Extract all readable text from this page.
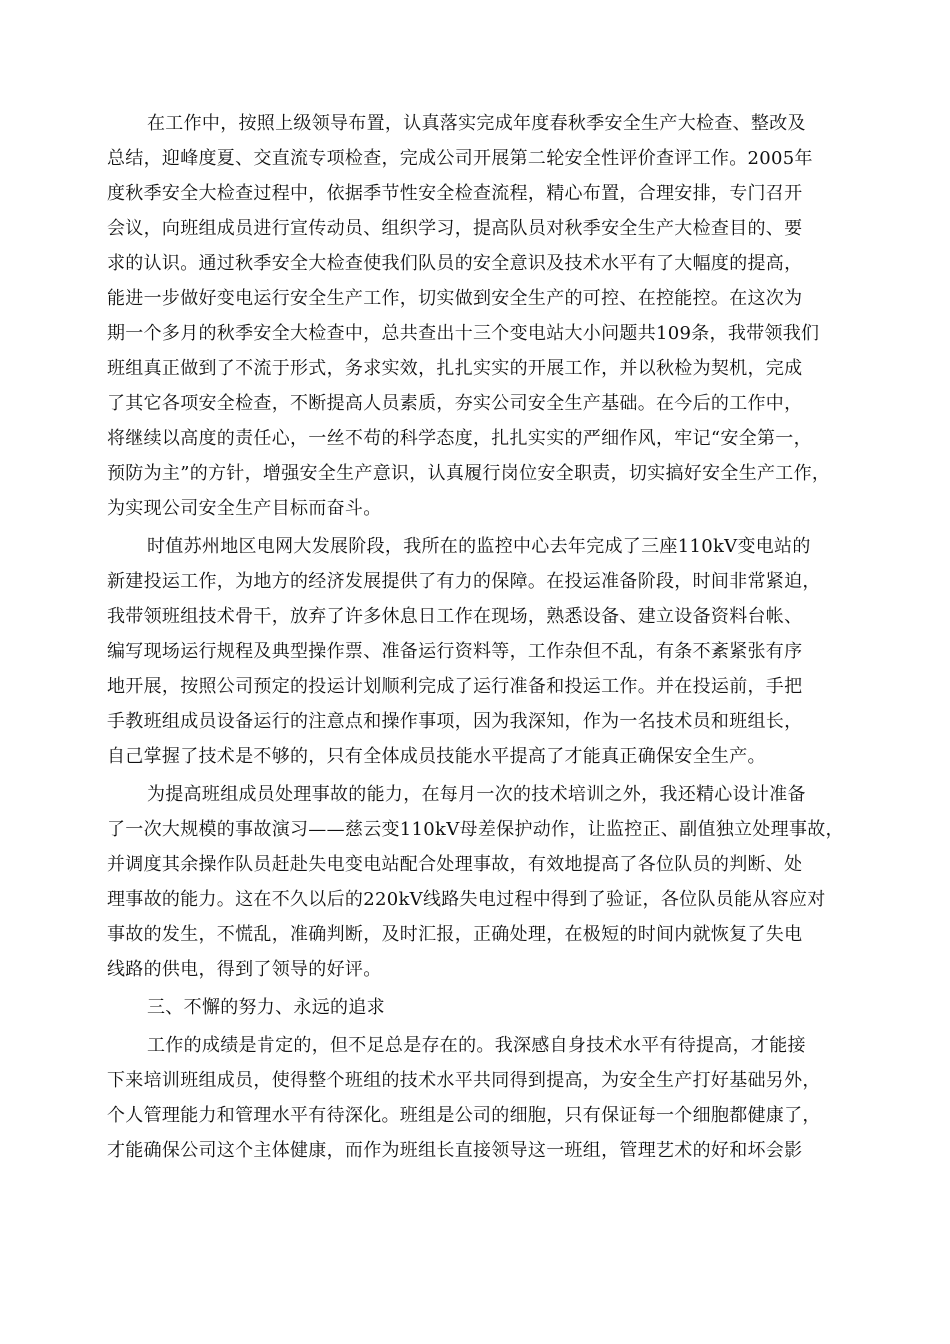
在工作中，按照上级领导布置，认真落实完成年度春秋季安全生产大检查、整改及
总结，迎峰度夏、交直流专项检查，完成公司开展第二轮安全性评价查评工作。2005年
度秋季安全大检查过程中，依据季节性安全检查流程，精心布置，合理安排，专门召开
会议，向班组成员进行宣传动员、组织学习，提高队员对秋季安全生产大检查目的、要
求的认识。通过秋季安全大检查使我们队员的安全意识及技术水平有了大幅度的提高，
能进一步做好变电运行安全生产工作，切实做到安全生产的可控、在控能控。在这次为
期一个多月的秋季安全大检查中，总共查出十三个变电站大小问题共109条，我带领我们
班组真正做到了不流于形式，务求实效，扎扎实实的开展工作，并以秋检为契机，完成
了其它各项安全检查，不断提高人员素质，夯实公司安全生产基础。在今后的工作中，
将继续以高度的责任心，一丝不苟的科学态度，扎扎实实的严细作风，牢记“安全第一，
预防为主”的方针，增强安全生产意识，认真履行岗位安全职责，切实搞好安全生产工作，
为实现公司安全生产目标而奋斗。
时值苏州地区电网大发展阶段，我所在的监控中心去年完成了三座110kV变电站的
新建投运工作，为地方的经济发展提供了有力的保障。在投运准备阶段，时间非常紧迫，
我带领班组技术骨干，放弃了许多休息日工作在现场，熟悉设备、建立设备资料台帐、
编写现场运行规程及典型操作票、准备运行资料等，工作杂但不乱，有条不紊紧张有序
地开展，按照公司预定的投运计划顺利完成了运行准备和投运工作。并在投运前，手把
手教班组成员设备运行的注意点和操作事项，因为我深知，作为一名技术员和班组长，
自己掌握了技术是不够的，只有全体成员技能水平提高了才能真正确保安全生产。
为提高班组成员处理事故的能力，在每月一次的技术培训之外，我还精心设计准备
了一次大规模的事故演习——慈云变110kV母差保护动作，让监控正、副值独立处理事故，
并调度其余操作队员赶赴失电变电站配合处理事故，有效地提高了各位队员的判断、处
理事故的能力。这在不久以后的220kV线路失电过程中得到了验证，各位队员能从容应对
事故的发生，不慌乱，准确判断，及时汇报，正确处理，在极短的时间内就恢复了失电
线路的供电，得到了领导的好评。
三、不懈的努力、永远的追求
工作的成绩是肯定的，但不足总是存在的。我深感自身技术水平有待提高，才能接
下来培训班组成员，使得整个班组的技术水平共同得到提高，为安全生产打好基础另外，
个人管理能力和管理水平有待深化。班组是公司的细胞，只有保证每一个细胞都健康了，
才能确保公司这个主体健康，而作为班组长直接领导这一班组，管理艺术的好和坏会影
